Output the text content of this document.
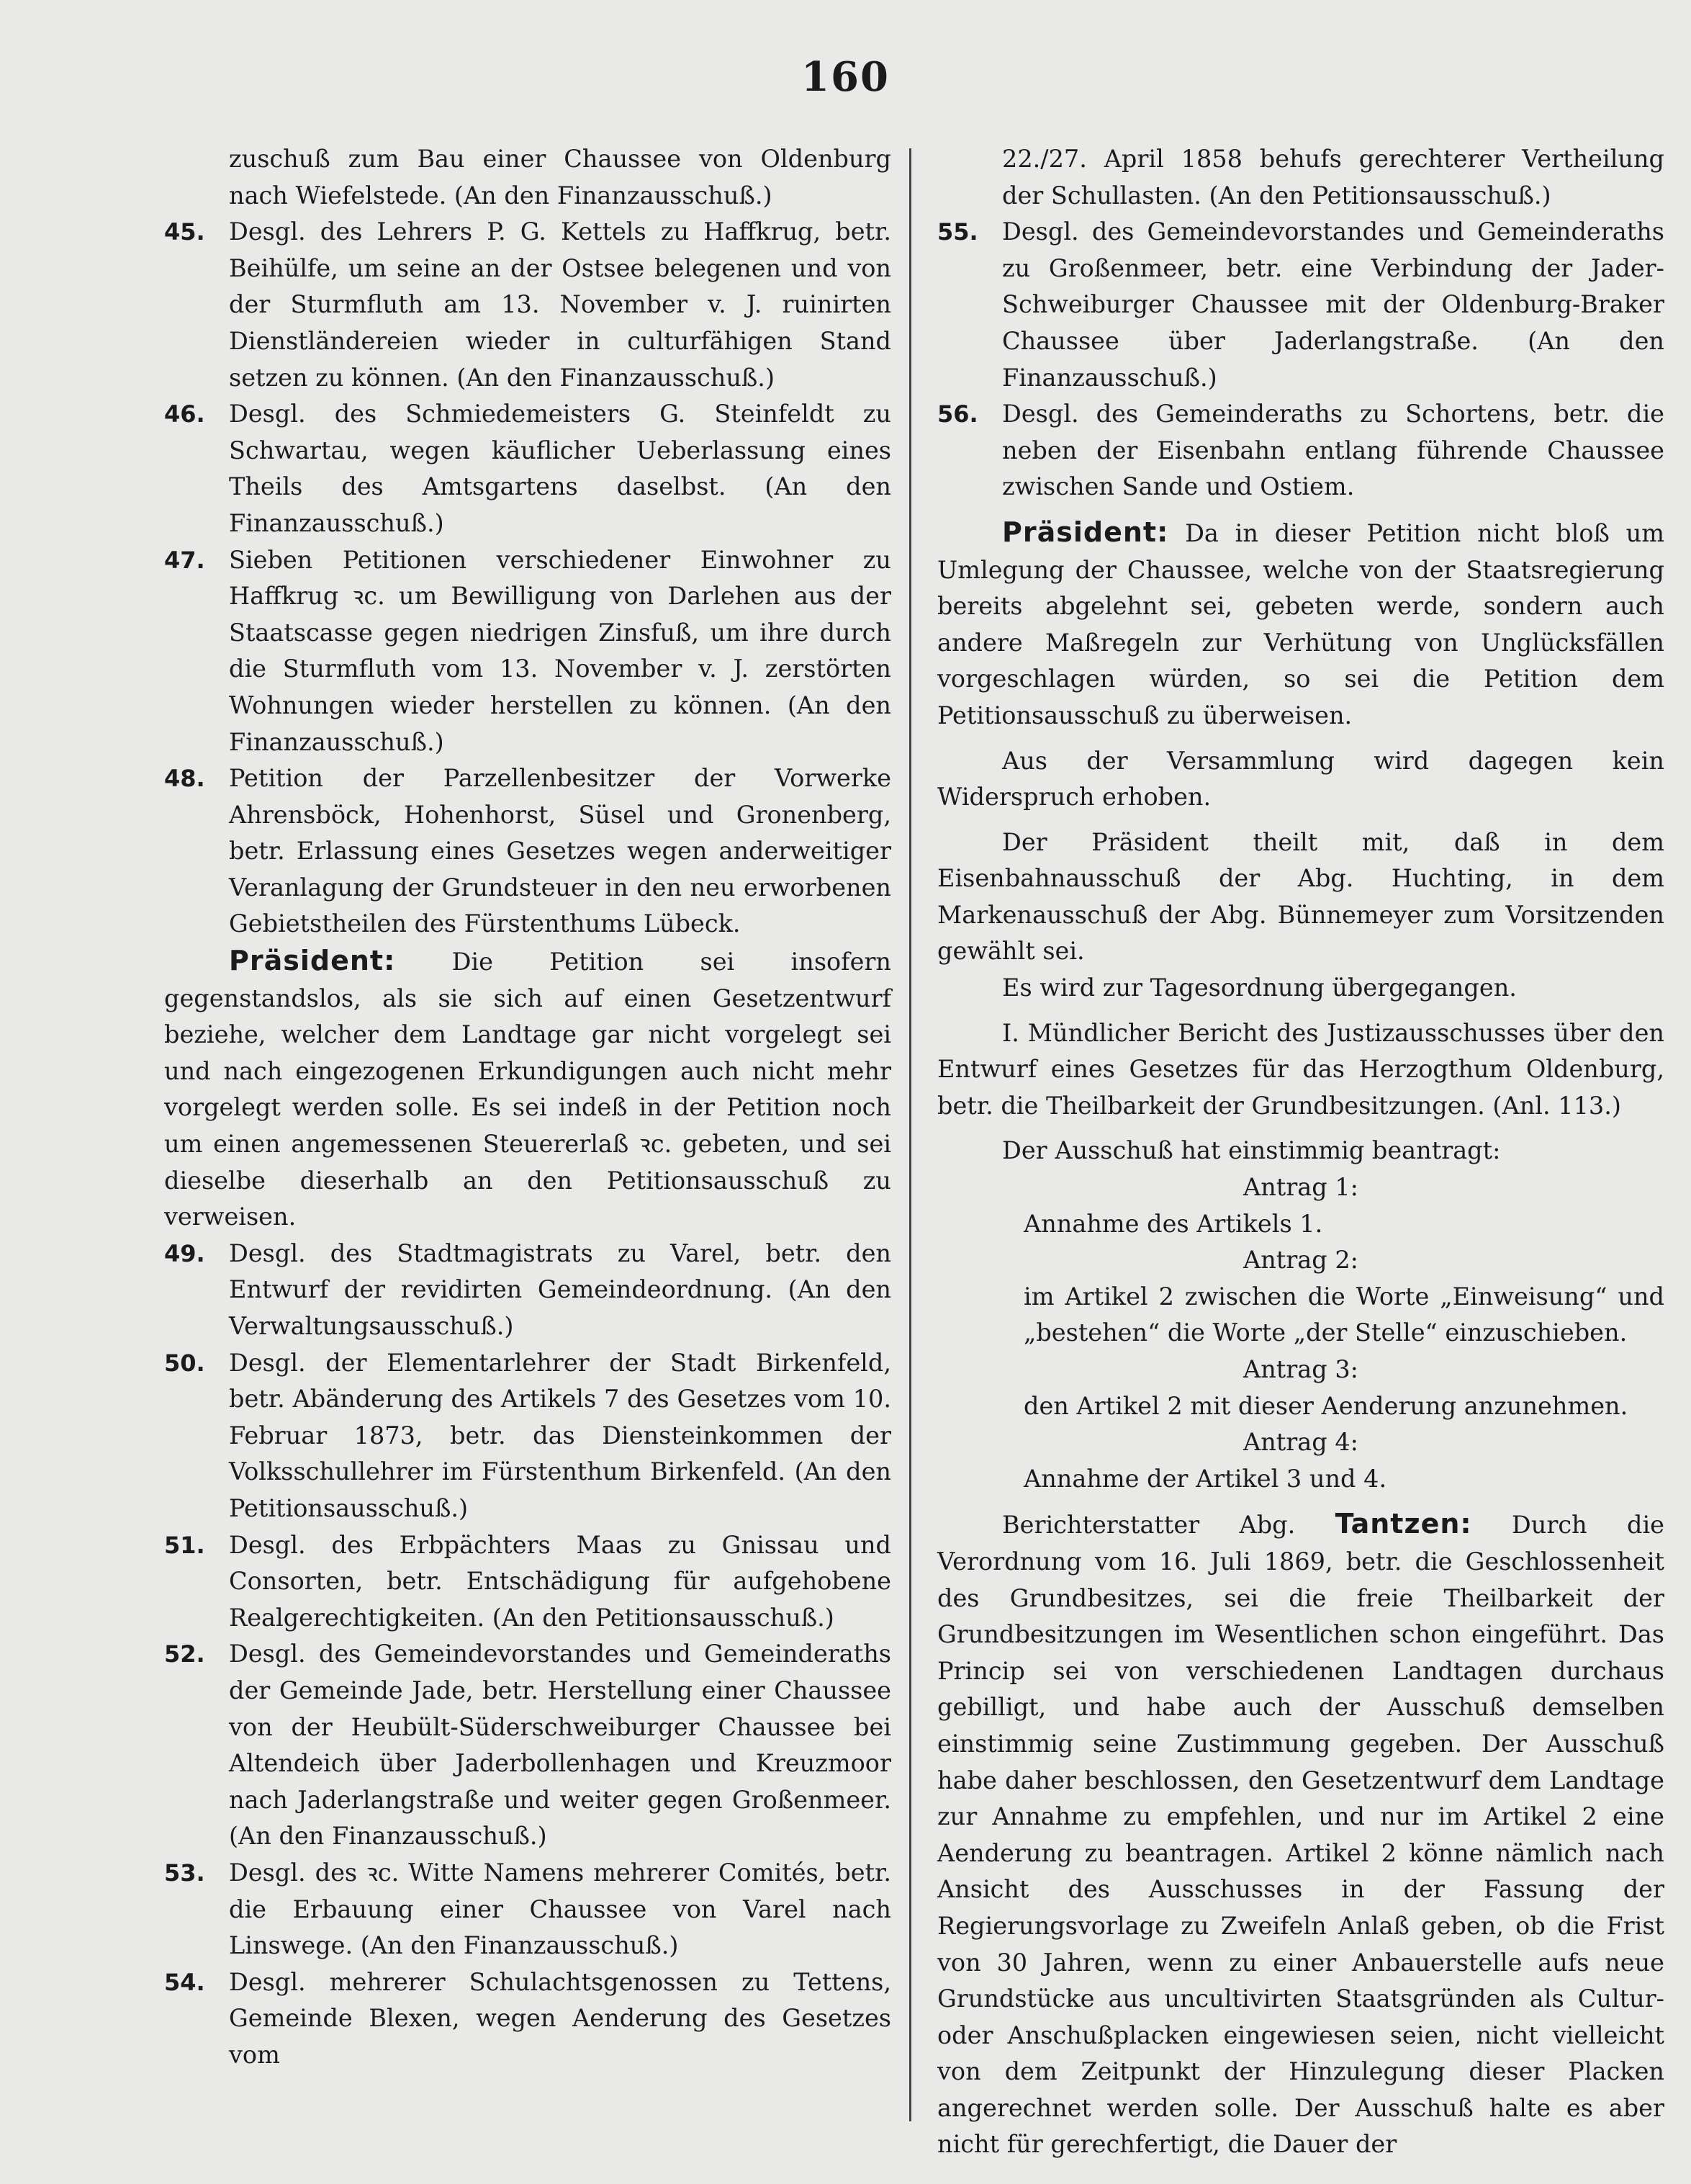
160

zuschuß zum Bau einer Chaussee von Oldenburg nach Wiefelstede. (An den Finanzausschuß.)

45. Desgl. des Lehrers P. G. Kettels zu Haffkrug, betr. Beihülfe, um seine an der Ostsee belegenen und von der Sturmfluth am 13. November v. J. ruinirten Dienstländereien wieder in culturfähigen Stand setzen zu können. (An den Finanzausschuß.)
46. Desgl. des Schmiedemeisters G. Steinfeldt zu Schwartau, wegen käuflicher Ueberlassung eines Theils des Amtsgartens daselbst. (An den Finanzausschuß.)
47. Sieben Petitionen verschiedener Einwohner zu Haffkrug ꝛc. um Bewilligung von Darlehen aus der Staatscasse gegen niedrigen Zinsfuß, um ihre durch die Sturmfluth vom 13. November v. J. zerstörten Wohnungen wieder herstellen zu können. (An den Finanzausschuß.)
48. Petition der Parzellenbesitzer der Vorwerke Ahrensböck, Hohenhorst, Süsel und Gronenberg, betr. Erlassung eines Gesetzes wegen anderweitiger Veranlagung der Grundsteuer in den neu erworbenen Gebietstheilen des Fürstenthums Lübeck.

Präsident: Die Petition sei insofern gegenstandslos, als sie sich auf einen Gesetzentwurf beziehe, welcher dem Landtage gar nicht vorgelegt sei und nach eingezogenen Erkundigungen auch nicht mehr vorgelegt werden solle. Es sei indeß in der Petition noch um einen angemessenen Steuererlaß ꝛc. gebeten, und sei dieselbe dieserhalb an den Petitionsausschuß zu verweisen.

49. Desgl. des Stadtmagistrats zu Varel, betr. den Entwurf der revidirten Gemeindeordnung. (An den Verwaltungsausschuß.)
50. Desgl. der Elementarlehrer der Stadt Birkenfeld, betr. Abänderung des Artikels 7 des Gesetzes vom 10. Februar 1873, betr. das Diensteinkommen der Volksschullehrer im Fürstenthum Birkenfeld. (An den Petitionsausschuß.)
51. Desgl. des Erbpächters Maas zu Gnissau und Consorten, betr. Entschädigung für aufgehobene Realgerechtigkeiten. (An den Petitionsausschuß.)
52. Desgl. des Gemeindevorstandes und Gemeinderaths der Gemeinde Jade, betr. Herstellung einer Chaussee von der Heubült-Süderschweiburger Chaussee bei Altendeich über Jaderbollenhagen und Kreuzmoor nach Jaderlangstraße und weiter gegen Großenmeer. (An den Finanzausschuß.)
53. Desgl. des ꝛc. Witte Namens mehrerer Comités, betr. die Erbauung einer Chaussee von Varel nach Linswege. (An den Finanzausschuß.)
54. Desgl. mehrerer Schulachtsgenossen zu Tettens, Gemeinde Blexen, wegen Aenderung des Gesetzes vom

22./27. April 1858 behufs gerechterer Vertheilung der Schullasten. (An den Petitionsausschuß.)

55. Desgl. des Gemeindevorstandes und Gemeinderaths zu Großenmeer, betr. eine Verbindung der Jader-Schweiburger Chaussee mit der Oldenburg-Braker Chaussee über Jaderlangstraße. (An den Finanzausschuß.)
56. Desgl. des Gemeinderaths zu Schortens, betr. die neben der Eisenbahn entlang führende Chaussee zwischen Sande und Ostiem.

Präsident: Da in dieser Petition nicht bloß um Umlegung der Chaussee, welche von der Staatsregierung bereits abgelehnt sei, gebeten werde, sondern auch andere Maßregeln zur Verhütung von Unglücksfällen vorgeschlagen würden, so sei die Petition dem Petitionsausschuß zu überweisen.

Aus der Versammlung wird dagegen kein Widerspruch erhoben.

Der Präsident theilt mit, daß in dem Eisenbahnausschuß der Abg. Huchting, in dem Markenausschuß der Abg. Bünnemeyer zum Vorsitzenden gewählt sei.

Es wird zur Tagesordnung übergegangen.

I. Mündlicher Bericht des Justizausschusses über den Entwurf eines Gesetzes für das Herzogthum Oldenburg, betr. die Theilbarkeit der Grundbesitzungen. (Anl. 113.)

Der Ausschuß hat einstimmig beantragt:

Antrag 1:

Annahme des Artikels 1.

Antrag 2:

im Artikel 2 zwischen die Worte „Einweisung“ und „bestehen“ die Worte „der Stelle“ einzuschieben.

Antrag 3:

den Artikel 2 mit dieser Aenderung anzunehmen.

Antrag 4:

Annahme der Artikel 3 und 4.

Berichterstatter Abg. Tantzen: Durch die Verordnung vom 16. Juli 1869, betr. die Geschlossenheit des Grundbesitzes, sei die freie Theilbarkeit der Grundbesitzungen im Wesentlichen schon eingeführt. Das Princip sei von verschiedenen Landtagen durchaus gebilligt, und habe auch der Ausschuß demselben einstimmig seine Zustimmung gegeben. Der Ausschuß habe daher beschlossen, den Gesetzentwurf dem Landtage zur Annahme zu empfehlen, und nur im Artikel 2 eine Aenderung zu beantragen. Artikel 2 könne nämlich nach Ansicht des Ausschusses in der Fassung der Regierungsvorlage zu Zweifeln Anlaß geben, ob die Frist von 30 Jahren, wenn zu einer Anbauerstelle aufs neue Grundstücke aus uncultivirten Staatsgründen als Cultur- oder Anschußplacken eingewiesen seien, nicht vielleicht von dem Zeitpunkt der Hinzulegung dieser Placken angerechnet werden solle. Der Ausschuß halte es aber nicht für gerechfertigt, die Dauer der
